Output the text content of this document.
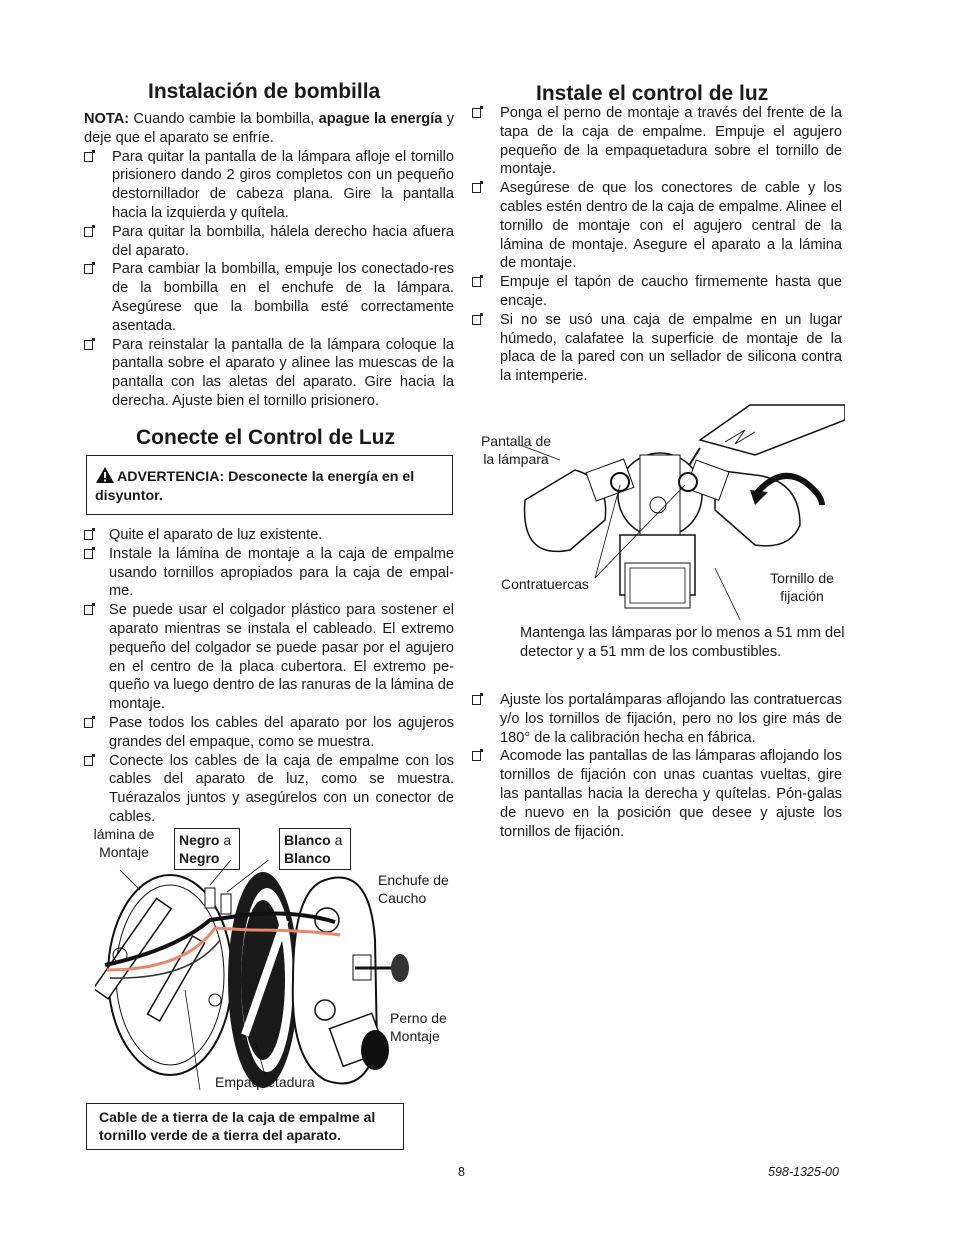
Instalación de bombilla

NOTA: Cuando cambie la bombilla, apague la energía y deje que el aparato se enfríe.

Para quitar la pantalla de la lámpara afloje el tornillo prisionero dando 2 giros completos con un pequeño destornillador de cabeza plana. Gire la pantalla hacia la izquierda y quítela.
Para quitar la bombilla, hálela derecho hacia afuera del aparato.
Para cambiar la bombilla, empuje los conectado-res de la bombilla en el enchufe de la lámpara. Asegúrese que la bombilla esté correctamente asentada.
Para reinstalar la pantalla de la lámpara coloque la pantalla sobre el aparato y alinee las muescas de la pantalla con las aletas del aparato. Gire hacia la derecha. Ajuste bien el tornillo prisionero.
Conecte el Control de Luz
ADVERTENCIA: Desconecte la energía en el disyuntor.
Quite el aparato de luz existente.
Instale la lámina de montaje a la caja de empalme usando tornillos apropiados para la caja de empal-me.
Se puede usar el colgador plástico para sostener el aparato mientras se instala el cableado. El extremo pequeño del colgador se puede pasar por el agujero en el centro de la placa cubertora. El extremo pe-queño va luego dentro de las ranuras de la lámina de montaje.
Pase todos los cables del aparato por los agujeros grandes del empaque, como se muestra.
Conecte los cables de la caja de empalme con los cables del aparato de luz, como se muestra. Tuérazalos juntos y asegúrelos con un conector de cables.
lámina de Montaje
Negro a
Negro
Blanco a
Blanco
Enchufe de Caucho
Perno de Montaje
Empaquetadura
Cable de a tierra de la caja de empalme al tornillo verde de a tierra del aparato.
Instale el control de luz
Ponga el perno de montaje a través del frente de la tapa de la caja de empalme. Empuje el agujero pequeño de la empaquetadura sobre el tornillo de montaje.
Asegúrese de que los conectores de cable y los cables estén dentro de la caja de empalme. Alinee el tornillo de montaje con el agujero central de la lámina de montaje. Asegure el aparato a la lámina de montaje.
Empuje el tapón de caucho firmemente hasta que encaje.
Si no se usó una caja de empalme en un lugar húmedo, calafatee la superficie de montaje de la placa de la pared con un sellador de silicona contra la intemperie.
Pantalla de la lámpara
Contratuercas	Tornillo de fijación
Mantenga las lámparas por lo menos a 51 mm del detector y a 51 mm de los combustibles.
Ajuste los portalámparas aflojando las contratuercas y/o los tornillos de fijación, pero no los gire más de 180° de la calibración hecha en fábrica.
Acomode las pantallas de las lámparas aflojando los tornillos de fijación con unas cuantas vueltas, gire las pantallas hacia la derecha y quítelas. Pón-galas de nuevo en la posición que desee y ajuste los tornillos de fijación.
8	598-1325-00
